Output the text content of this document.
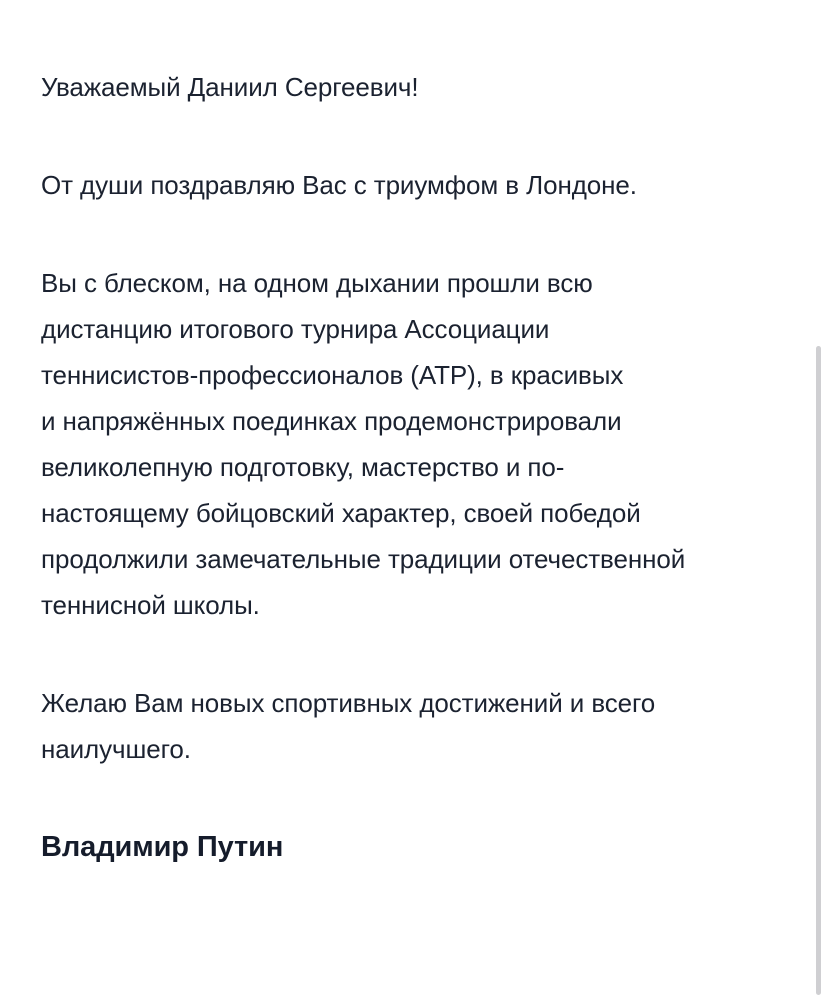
Уважаемый Даниил Сергеевич!

От души поздравляю Вас с триумфом в Лондоне.

Вы с блеском, на одном дыхании прошли всю
дистанцию итогового турнира Ассоциации
теннисистов-профессионалов (АТР), в красивых
и напряжённых поединках продемонстрировали
великолепную подготовку, мастерство и по-
настоящему бойцовский характер, своей победой
продолжили замечательные традиции отечественной
теннисной школы.

Желаю Вам новых спортивных достижений и всего
наилучшего.

Владимир Путин
